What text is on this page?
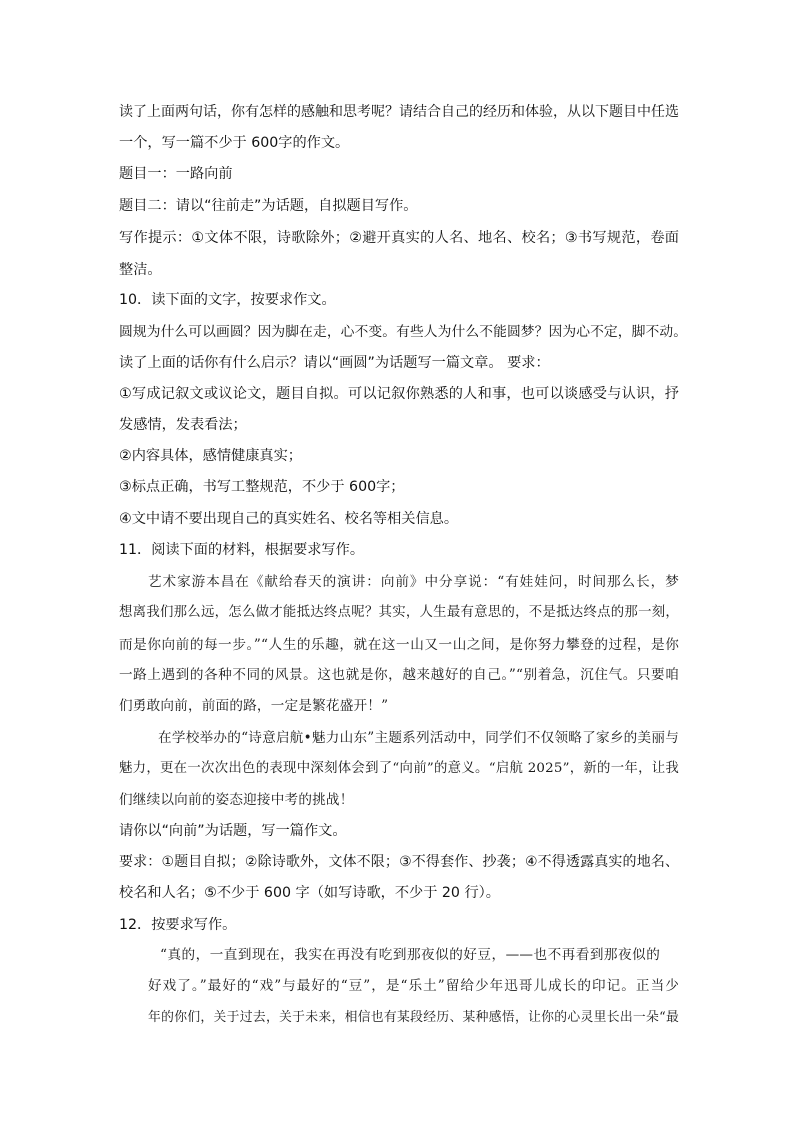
读了上面两句话，你有怎样的感触和思考呢？请结合自己的经历和体验，从以下题目中任选
一个，写一篇不少于 600字的作文。
题目一：一路向前
题目二：请以“往前走”为话题，自拟题目写作。
写作提示：①文体不限，诗歌除外；②避开真实的人名、地名、校名；③书写规范，卷面
整洁。
10．读下面的文字，按要求作文。
圆规为什么可以画圆？因为脚在走，心不变。有些人为什么不能圆梦？因为心不定，脚不动。
读了上面的话你有什么启示？请以“画圆”为话题写一篇文章。 要求：
①写成记叙文或议论文，题目自拟。可以记叙你熟悉的人和事，也可以谈感受与认识，抒
发感情，发表看法；
②内容具体，感情健康真实；
③标点正确，书写工整规范，不少于 600字；
④文中请不要出现自己的真实姓名、校名等相关信息。
11．阅读下面的材料，根据要求写作。
艺术家游本昌在《献给春天的演讲：向前》中分享说：“有娃娃问，时间那么长，梦
想离我们那么远，怎么做才能抵达终点呢？其实，人生最有意思的，不是抵达终点的那一刻，
而是你向前的每一步。”“人生的乐趣，就在这一山又一山之间，是你努力攀登的过程，是你
一路上遇到的各种不同的风景。这也就是你，越来越好的自己。”“别着急，沉住气。只要咱
们勇敢向前，前面的路，一定是繁花盛开！”
在学校举办的“诗意启航•魅力山东”主题系列活动中，同学们不仅领略了家乡的美丽与
魅力，更在一次次出色的表现中深刻体会到了“向前”的意义。“启航 2025”，新的一年，让我
们继续以向前的姿态迎接中考的挑战！
请你以“向前”为话题，写一篇作文。
要求：①题目自拟；②除诗歌外，文体不限；③不得套作、抄袭；④不得透露真实的地名、
校名和人名；⑤不少于 600 字（如写诗歌，不少于 20 行）。
12．按要求写作。
“真的，一直到现在，我实在再没有吃到那夜似的好豆，——也不再看到那夜似的
好戏了。”最好的“戏”与最好的“豆”，是“乐土”留给少年迅哥儿成长的印记。正当少
年的你们，关于过去，关于未来，相信也有某段经历、某种感悟，让你的心灵里长出一朵“最
